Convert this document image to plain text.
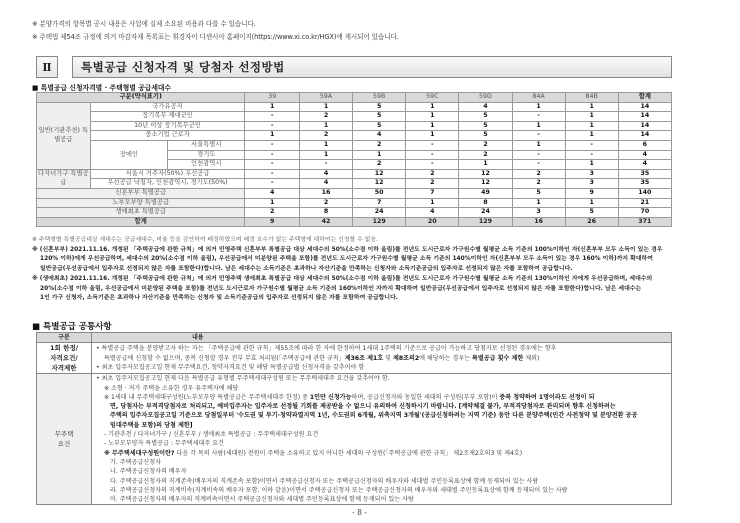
※ 분양가격의 항목별 공시 내용은 사업에 실제 소요된 비용과 다를 수 있습니다.

※ 주택법 제54조 규정에 의거 마감자재 목록표는 휘경자이 디센시아 홈페이지(https://www.xi.co.kr/HGX)에 게시되어 있습니다.

Ⅱ	특별공급 신청자격 및 당첨자 선정방법

■ 특별공급 신청자격별 · 주택형별 공급세대수

구분(약식표기)			39	59A	59B	59C	59D	84A	84B	합계
일반(기관추천) 특별공급	국가유공자		1	1	5	1	4	1	1	14
	장기복무 제대군인		-	2	5	1	5	-	1	14
	10년 이상 장기복무군인		-	1	5	1	5	1	1	14
	중소기업 근로자		1	2	4	1	5	-	1	14
	장애인	서울특별시	-	1	2	-	2	1	-	6
		경기도	-	1	1	-	2	-	-	4
		인천광역시	-	-	2	-	1	-	1	4
다자녀가구 특별공급	서울시 거주자(50%) 우선공급		-	4	12	2	12	2	3	35
	우선공급 낙첨자, 인천광역시, 경기도(50%)		-	4	12	2	12	2	3	35
신혼부부 특별공급			4	16	50	7	49	5	9	140
노부모부양 특별공급			1	2	7	1	8	1	1	21
생애최초 특별공급			2	8	24	4	24	3	5	70
합계			9	42	129	20	129	16	26	371

※ 주택형별 특별공급대상 세대수는 공급세대수, 비율 등을 감안하여 배정하였으며 배정 호수가 없는 주택형에 대하여는 신청할 수 없음.

※ (신혼부부) 2021.11.16. 개정된 「주택공급에 관한 규칙」에 의거 민영주택 신혼부부 특별공급 대상 세대수의 50%(소수점 이하 올림)를 전년도 도시근로자 가구원수별 월평균 소득 기준의 100%이하인 자(신혼부부 모두 소득이 있는 경우

120% 이하)에게 우선공급하며, 세대수의 20%(소수점 이하 올림), 우선공급에서 미분양된 주택을 포함)를 전년도 도시근로자 가구원수별 월평균 소득 기준의 140%이하인 자(신혼부부 모두 소득이 있는 경우 160% 이하)까지 확대하여

일반공급(우선공급에서 입주자로 선정되지 않은 자를 포함한다)합니다. 남은 세대수는 소득기준은 초과하나 자산기준을 만족하는 신청자와 소득기준공급의 입주자로 선정되지 않은 자를 포함하여 공급합니다.

※ (생애최초) 2021.11.16. 개정된 「주택공급에 관한 규칙」에 의거 민영주택 생애최초 특별공급 대상 세대수의 50%(소수점 이하 올림)를 전년도 도시근로자 가구원수별 월평균 소득 기준의 130%이하인 자에게 우선공급하며, 세대수의

20%(소수점 이하 올림, 우선공급에서 미분양된 주택을 포함)를 전년도 도시근로자 가구원수별 월평균 소득 기준의 160%이하인 자까지 확대하여 일반공급(우선공급에서 입주자로 선정되지 않은 자를 포함한다)합니다. 남은 세대수는

1인 가구 신청자, 소득기준은 초과하나 자산기준을 만족하는 신청자 및 소득기준공급의 입주자로 선정되지 않은 자를 포함하여 공급합니다.

■ 특별공급 공통사항

구분	내용

1회 한정/
자격요건/
자격제한

• 특별공급 주택을 분양받고자 하는 자는 「주택공급에 관한 규칙」제55조에 따라 한 자에 한정하여 1세대 1주택의 기준으로 공급이 가능하고 당첨자로 선정된 경우에는 향후
특별공급에 신청할 수 없으며, 중복 신청할 경우 전부 무효 처리됨(「주택공급에 관한 규칙」제36조 제1호 및 제8조의2에 해당하는 경우는 특별공급 횟수 제한 제외)
• 최초 입주자모집공고일 현재 무주택요건, 청약자격요건 및 해당 특별공급별 신청자격을 갖추어야 함

무주택
요건

• 최초 입주자모집공고일 현재 다음 특별공급 유형별 무주택세대구성원 또는 무주택세대주 요건을 갖추어야 함.
※ 소형 · 저가 주택을 소유한 경우 유주택자에 해당
※ 1세대 내 무주택세대구성원(노부모부양 특별공급은 무주택세대주 한정) 중 1인만 신청가능하며, 공급신청자와 동일한 세대의 구성원(부부 포함)이 중복 청약하여 1명이라도 선정이 되
면, 당첨자는 부적격당첨자로 처리되고, 예비입주자는 입주자로 선정될 기회를 제공받을 수 없으니 유의하여 신청하시기 바랍니다. [계약체결 불가, 부적격당첨자로 관리되며 향후 신청하려는
주택의 입주자모집공고일 기준으로 당첨일부터 '수도권 및 투기·청약과열지역 1년, 수도권외 6개월, 위축지역 3개월'(공급신청하려는 지역 기준) 동안 다른 분양주택(민간 사전청약 및 분양전환 공공
임대주택을 포함)의 당첨 제한]
- 기관추천 / 다자녀가구 / 신혼부부 / 생애최초 특별공급 : 무주택세대구성원 요건
- 노부모부양자 특별공급 : 무주택세대주 요건
※ 무주택세대구성원이란? 다음 각 목의 사람(세대원) 전원이 주택을 소유하고 있지 아니한 세대의 구성원(「주택공급에 관한 규칙」 제2조제2호의3 및 제4호)
가. 주택공급신청자
나. 주택공급신청자의 배우자
다. 주택공급신청자의 직계존속(배우자의 직계존속 포함)이면서 주택공급신청자 또는 주택공급신청자의 배우자와 세대별 주민등록표상에 함께 등재되어 있는 사람
라. 주택공급신청자의 직계비속(직계비속의 배우자 포함. 이하 같음)이면서 주택공급신청자 또는 주택공급신청자의 배우자와 세대별 주민등록표상에 함께 등재되어 있는 사람
마. 주택공급신청자의 배우자의 직계비속이면서 주택공급신청자와 세대별 주민등록표상에 함께 등재되어 있는 사람

- 8 -
